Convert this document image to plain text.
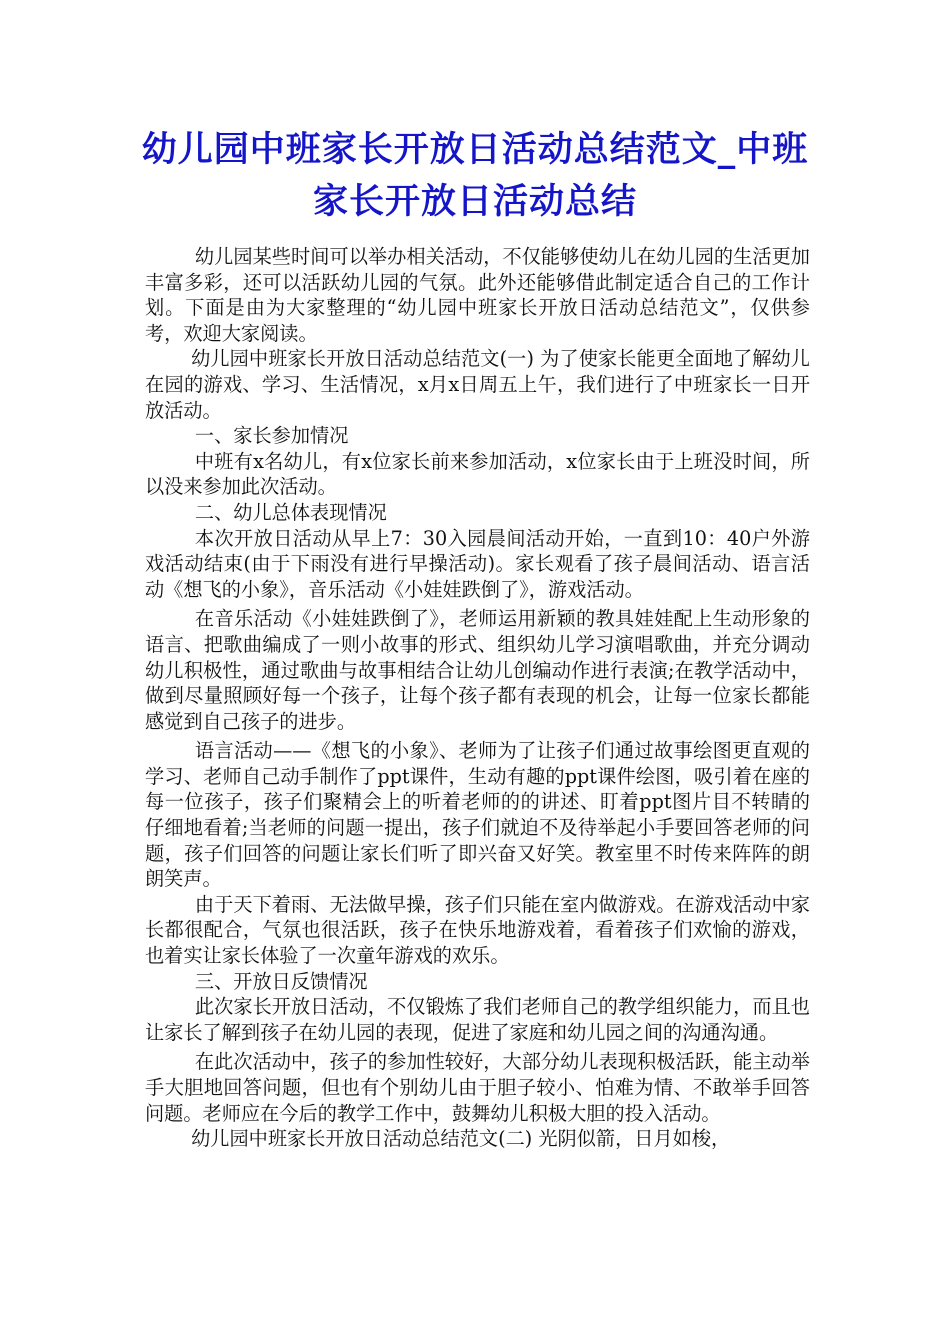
幼儿园中班家长开放日活动总结范文_中班家长开放日活动总结

幼儿园某些时间可以举办相关活动，不仅能够使幼儿在幼儿园的生活更加丰富多彩，还可以活跃幼儿园的气氛。此外还能够借此制定适合自己的工作计划。下面是由为大家整理的“幼儿园中班家长开放日活动总结范文”，仅供参考，欢迎大家阅读。

幼儿园中班家长开放日活动总结范文(一) 为了使家长能更全面地了解幼儿在园的游戏、学习、生活情况，x月x日周五上午，我们进行了中班家长一日开放活动。

一、家长参加情况

中班有x名幼儿，有x位家长前来参加活动，x位家长由于上班没时间，所以没来参加此次活动。

二、幼儿总体表现情况

本次开放日活动从早上7：30入园晨间活动开始，一直到10：40户外游戏活动结束(由于下雨没有进行早操活动)。家长观看了孩子晨间活动、语言活动《想飞的小象》，音乐活动《小娃娃跌倒了》，游戏活动。

在音乐活动《小娃娃跌倒了》，老师运用新颖的教具娃娃配上生动形象的语言、把歌曲编成了一则小故事的形式、组织幼儿学习演唱歌曲，并充分调动幼儿积极性，通过歌曲与故事相结合让幼儿创编动作进行表演;在教学活动中，做到尽量照顾好每一个孩子，让每个孩子都有表现的机会，让每一位家长都能感觉到自己孩子的进步。

语言活动——《想飞的小象》、老师为了让孩子们通过故事绘图更直观的学习、老师自己动手制作了ppt课件，生动有趣的ppt课件绘图，吸引着在座的每一位孩子，孩子们聚精会上的听着老师的的讲述、盯着ppt图片目不转睛的仔细地看着;当老师的问题一提出，孩子们就迫不及待举起小手要回答老师的问题，孩子们回答的问题让家长们听了即兴奋又好笑。教室里不时传来阵阵的朗朗笑声。

由于天下着雨、无法做早操，孩子们只能在室内做游戏。在游戏活动中家长都很配合，气氛也很活跃，孩子在快乐地游戏着，看着孩子们欢愉的游戏，也着实让家长体验了一次童年游戏的欢乐。

三、开放日反馈情况

此次家长开放日活动，不仅锻炼了我们老师自己的教学组织能力，而且也让家长了解到孩子在幼儿园的表现，促进了家庭和幼儿园之间的沟通沟通。

在此次活动中，孩子的参加性较好，大部分幼儿表现积极活跃，能主动举手大胆地回答问题，但也有个别幼儿由于胆子较小、怕难为情、不敢举手回答问题。老师应在今后的教学工作中，鼓舞幼儿积极大胆的投入活动。

幼儿园中班家长开放日活动总结范文(二) 光阴似箭，日月如梭，
